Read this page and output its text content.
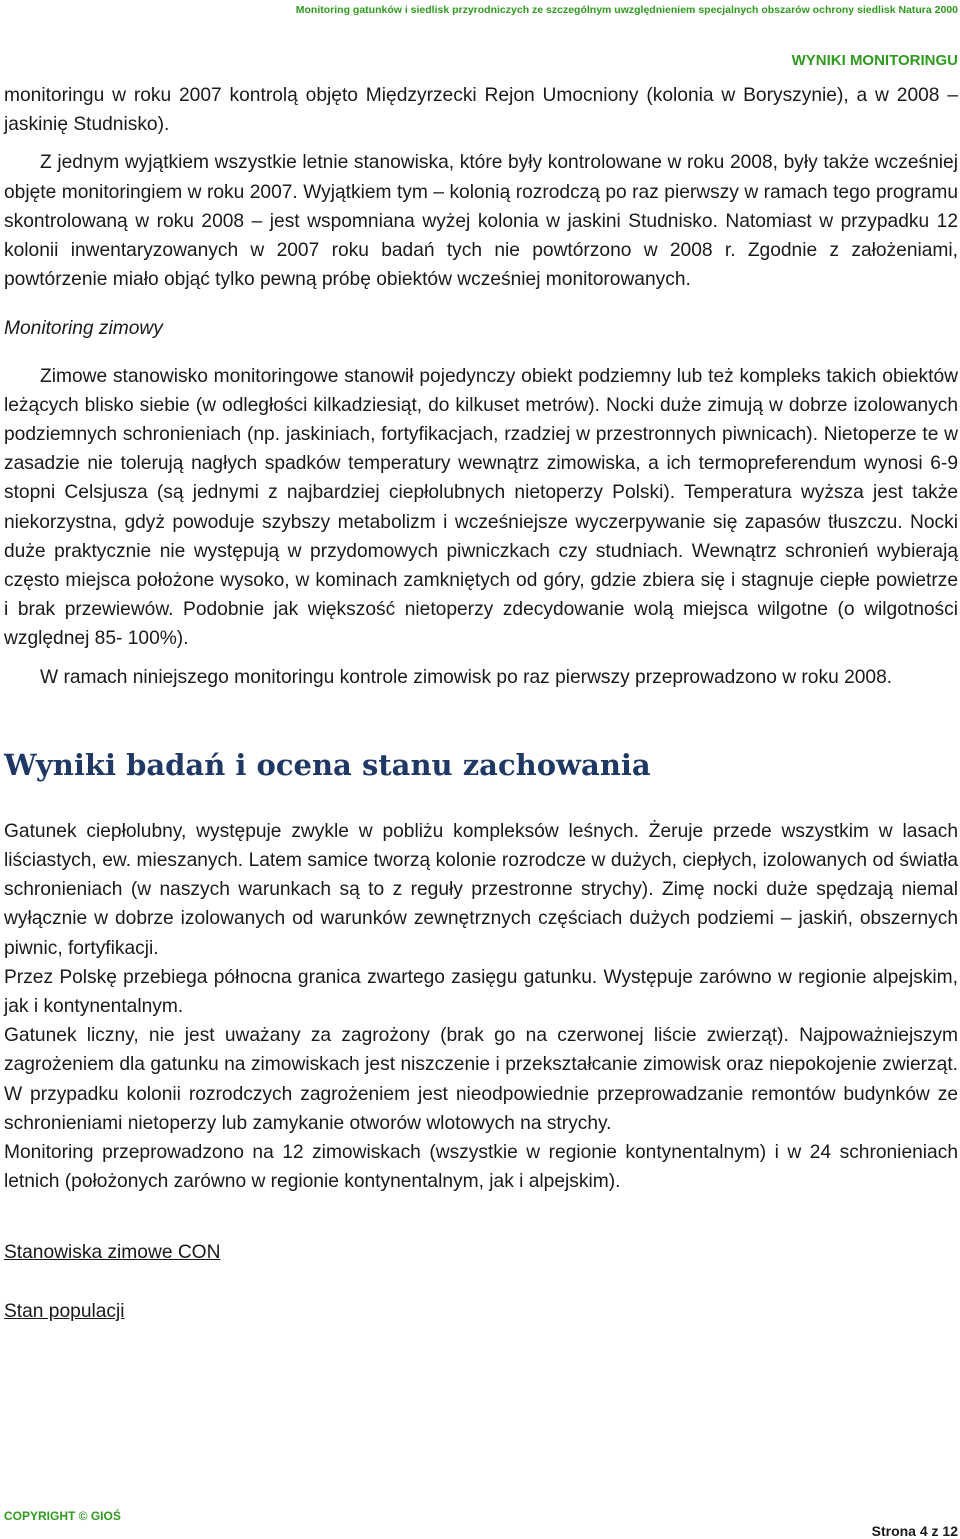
Monitoring gatunków i siedlisk przyrodniczych ze szczególnym uwzględnieniem specjalnych obszarów ochrony siedlisk Natura 2000
WYNIKI MONITORINGU

monitoringu w roku 2007 kontrolą objęto Międzyrzecki Rejon Umocniony (kolonia w Boryszynie), a w 2008 – jaskinię Studnisko).

Z jednym wyjątkiem wszystkie letnie stanowiska, które były kontrolowane w roku 2008, były także wcześniej objęte monitoringiem w roku 2007. Wyjątkiem tym – kolonią rozrodczą po raz pierwszy w ramach tego programu skontrolowaną w roku 2008 – jest wspomniana wyżej kolonia w jaskini Studnisko. Natomiast w przypadku 12 kolonii inwentaryzowanych w 2007 roku badań tych nie powtórzono w 2008 r. Zgodnie z założeniami, powtórzenie miało objąć tylko pewną próbę obiektów wcześniej monitorowanych.

Monitoring zimowy

Zimowe stanowisko monitoringowe stanowił pojedynczy obiekt podziemny lub też kompleks takich obiektów leżących blisko siebie (w odległości kilkadziesiąt, do kilkuset metrów). Nocki duże zimują w dobrze izolowanych podziemnych schronieniach (np. jaskiniach, fortyfikacjach, rzadziej w przestronnych piwnicach). Nietoperze te w zasadzie nie tolerują nagłych spadków temperatury wewnątrz zimowiska, a ich termopreferendum wynosi 6-9 stopni Celsjusza (są jednymi z najbardziej ciepłolubnych nietoperzy Polski). Temperatura wyższa jest także niekorzystna, gdyż powoduje szybszy metabolizm i wcześniejsze wyczerpywanie się zapasów tłuszczu. Nocki duże praktycznie nie występują w przydomowych piwniczkach czy studniach. Wewnątrz schronień wybierają często miejsca położone wysoko, w kominach zamkniętych od góry, gdzie zbiera się i stagnuje ciepłe powietrze i brak przewiewów. Podobnie jak większość nietoperzy zdecydowanie wolą miejsca wilgotne (o wilgotności względnej 85- 100%).

W ramach niniejszego monitoringu kontrole zimowisk po raz pierwszy przeprowadzono w roku 2008.

Wyniki badań i ocena stanu zachowania

Gatunek ciepłolubny, występuje zwykle w pobliżu kompleksów leśnych. Żeruje przede wszystkim w lasach liściastych, ew. mieszanych. Latem samice tworzą kolonie rozrodcze w dużych, ciepłych, izolowanych od światła schronieniach (w naszych warunkach są to z reguły przestronne strychy). Zimę nocki duże spędzają niemal wyłącznie w dobrze izolowanych od warunków zewnętrznych częściach dużych podziemi – jaskiń, obszernych piwnic, fortyfikacji.

Przez Polskę przebiega północna granica zwartego zasięgu gatunku. Występuje zarówno w regionie alpejskim, jak i kontynentalnym.

Gatunek liczny, nie jest uważany za zagrożony (brak go na czerwonej liście zwierząt). Najpoważniejszym zagrożeniem dla gatunku na zimowiskach jest niszczenie i przekształcanie zimowisk oraz niepokojenie zwierząt. W przypadku kolonii rozrodczych zagrożeniem jest nieodpowiednie przeprowadzanie remontów budynków ze schronieniami nietoperzy lub zamykanie otworów wlotowych na strychy.

Monitoring przeprowadzono na 12 zimowiskach (wszystkie w regionie kontynentalnym) i w 24 schronieniach letnich (położonych zarówno w regionie kontynentalnym, jak i alpejskim).

Stanowiska zimowe CON
Stan populacji
COPYRIGHT © GIOŚ
Strona 4 z 12
